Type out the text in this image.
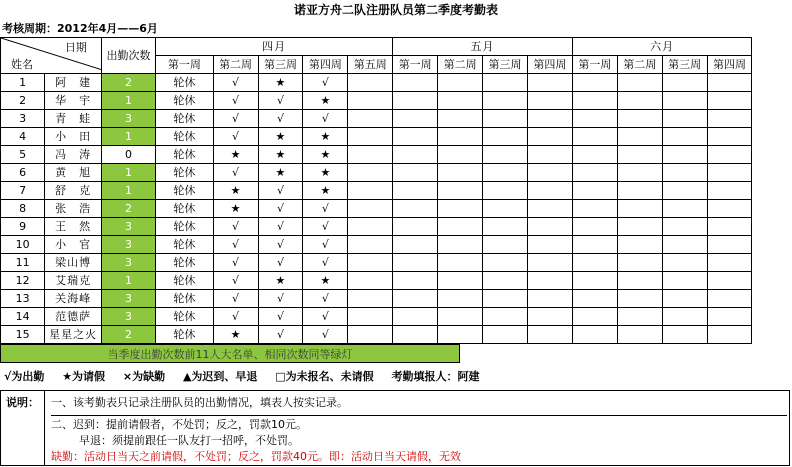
诺亚方舟二队注册队员第二季度考勤表
考核周期：2012年4月——6月
日期
姓名		出勤次数	四月					五月				六月			
			第一周	第二周	第三周	第四周	第五周	第一周	第二周	第三周	第四周	第一周	第二周	第三周	第四周
1	阿　建	2	轮休	√	★	√									
2	华　宇	1	轮休	√	√	★									
3	青　蛙	3	轮休	√	√	√									
4	小　田	1	轮休	√	★	★									
5	冯　涛	0	轮休	★	★	★									
6	黄　旭	1	轮休	√	★	★									
7	舒　克	1	轮休	★	√	★									
8	张　浩	2	轮休	★	√	√									
9	王　然	3	轮休	√	√	√									
10	小　官	3	轮休	√	√	√									
11	梁山博	3	轮休	√	√	√									
12	艾瑞克	1	轮休	√	★	★									
13	关海峰	3	轮休	√	√	√									
14	范德萨	3	轮休	√	√	√									
15	星星之火	2	轮休	★	√	√									
当季度出勤次数前11人大名单、相同次数同等绿灯
√为出勤 ★为请假 ×为缺勤 ▲为迟到、早退 □为未报名、未请假 考勤填报人：阿建
说明：	一、该考勤表只记录注册队员的出勤情况，填表人按实记录。
二、迟到：提前请假者，不处罚；反之，罚款10元。
早退：须提前跟任一队友打一招呼，不处罚。
缺勤：活动日当天之前请假，不处罚；反之，罚款40元。即：活动日当天请假，无效
